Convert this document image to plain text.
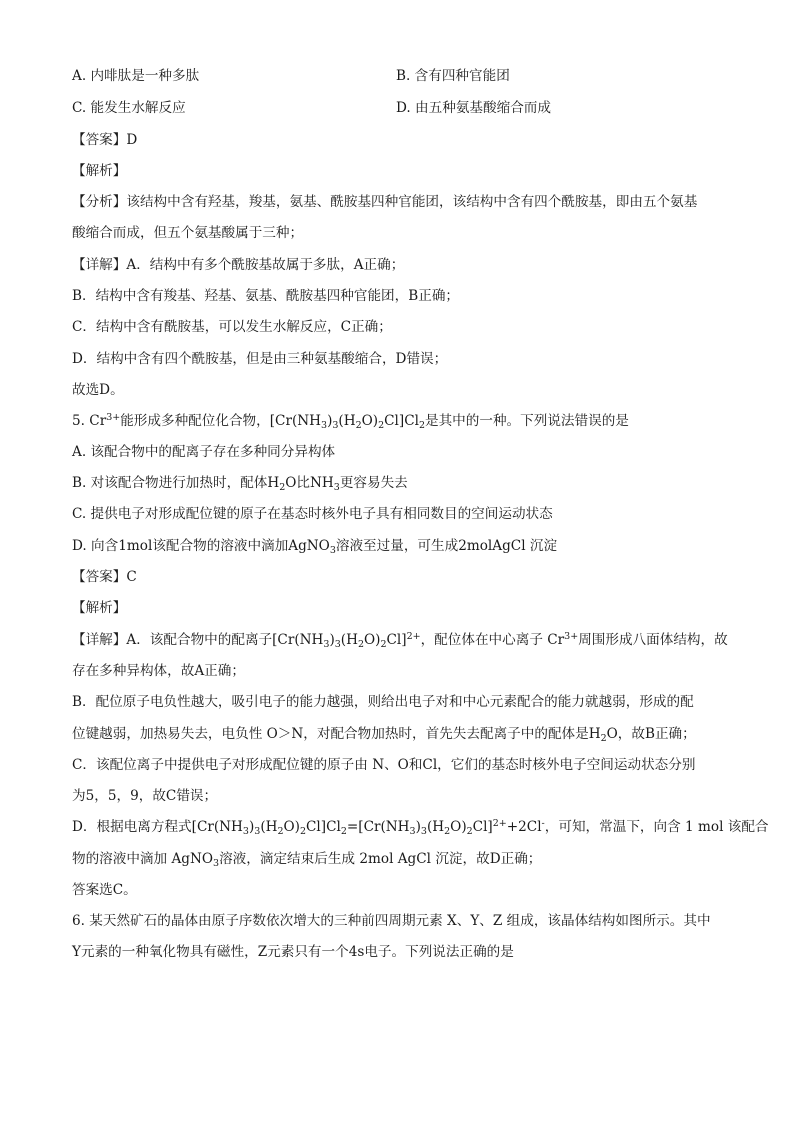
A. 内啡肽是一种多肽	B. 含有四种官能团
C. 能发生水解反应	D. 由五种氨基酸缩合而成
【答案】D
【解析】
【分析】该结构中含有羟基，羧基，氨基、酰胺基四种官能团，该结构中含有四个酰胺基，即由五个氨基
酸缩合而成，但五个氨基酸属于三种；
【详解】A．结构中有多个酰胺基故属于多肽，A正确；
B．结构中含有羧基、羟基、氨基、酰胺基四种官能团，B正确；
C．结构中含有酰胺基，可以发生水解反应，C正确；
D．结构中含有四个酰胺基，但是由三种氨基酸缩合，D错误；
故选D。
5. $Cr^{3+}$能形成多种配位化合物，$[Cr(NH_3)_3(H_2O)_2Cl]Cl_2$是其中的一种。下列说法错误的是
A. 该配合物中的配离子存在多种同分异构体
B. 对该配合物进行加热时，配体$H_2O$比$NH_3$更容易失去
C. 提供电子对形成配位键的原子在基态时核外电子具有相同数目的空间运动状态
D. 向含1mol该配合物的溶液中滴加AgNO$_3$溶液至过量，可生成2molAgCl 沉淀
【答案】C
【解析】
【详解】A．该配合物中的配离子$[Cr(NH_3)_3(H_2O)_2Cl]^{2+}$，配位体在中心离子 $Cr^{3+}$周围形成八面体结构，故
存在多种异构体，故A正确；
B．配位原子电负性越大，吸引电子的能力越强，则给出电子对和中心元素配合的能力就越弱，形成的配
位键越弱，加热易失去，电负性 O＞N，对配合物加热时，首先失去配离子中的配体是$H_2O$，故B正确；
C．该配位离子中提供电子对形成配位键的原子由 N、O和Cl，它们的基态时核外电子空间运动状态分别
为5，5，9，故C错误；
D．根据电离方程式$[Cr(NH_3)_3(H_2O)_2Cl]Cl_2=[Cr(NH_3)_3(H_2O)_2Cl]^{2+}+2Cl^-$，可知，常温下，向含 1 mol 该配合
物的溶液中滴加 AgNO$_3$溶液，滴定结束后生成 2mol AgCl 沉淀，故D正确；
答案选C。
6. 某天然矿石的晶体由原子序数依次增大的三种前四周期元素 X、Y、Z 组成，该晶体结构如图所示。其中
Y元素的一种氧化物具有磁性，Z元素只有一个4s电子。下列说法正确的是
